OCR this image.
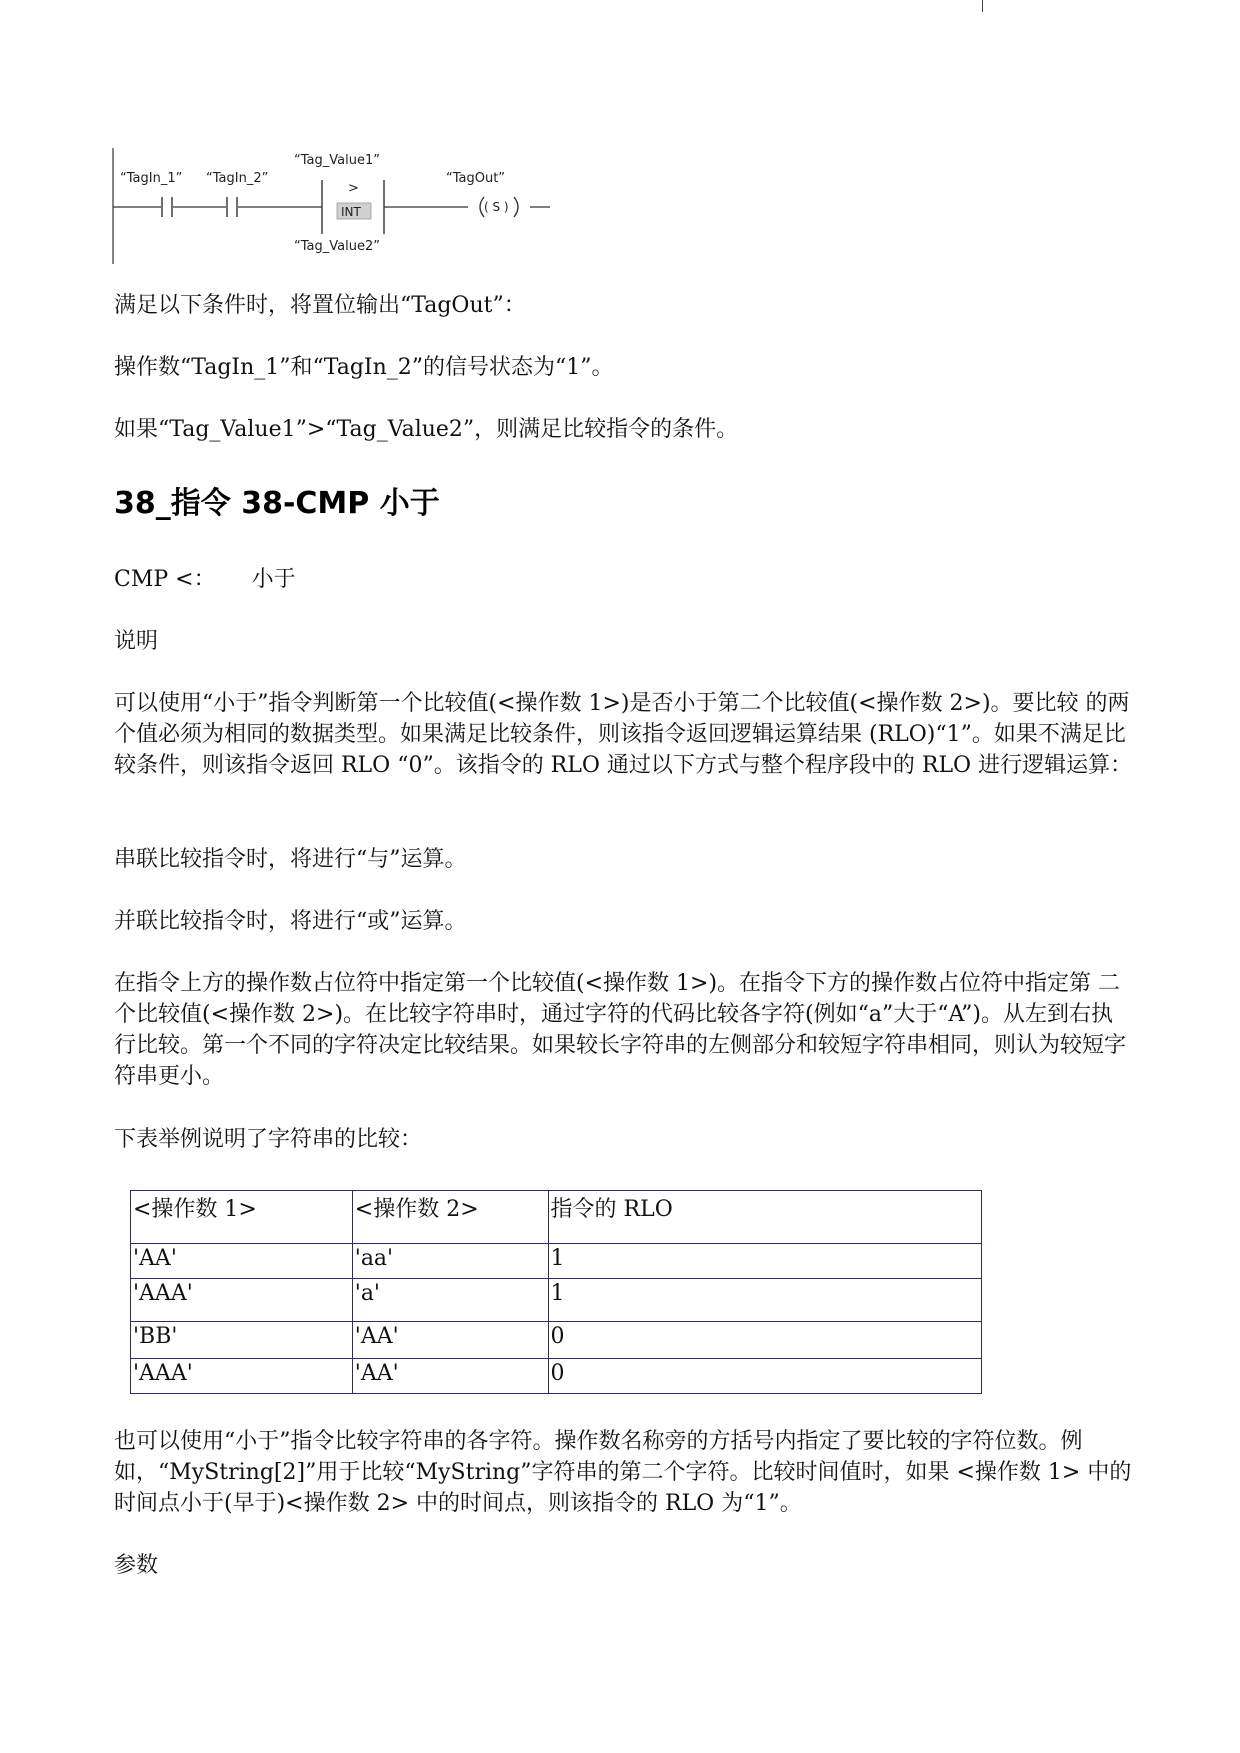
“TagIn_1” “TagIn_2”
“Tag_Value1”
>
INT
“Tag_Value2”
“TagOut”
( S )

满足以下条件时，将置位输出“TagOut”：

操作数“TagIn_1”和“TagIn_2”的信号状态为“1”。

如果“Tag_Value1”>“Tag_Value2”，则满足比较指令的条件。

38_指令 38-CMP 小于
CMP <： 小于

说明

可以使用“小于”指令判断第一个比较值(<操作数 1>)是否小于第二个比较值(<操作数 2>)。要比较 的两个值必须为相同的数据类型。如果满足比较条件，则该指令返回逻辑运算结果 (RLO)“1”。如果不满足比较条件，则该指令返回 RLO “0”。该指令的 RLO 通过以下方式与整个程序段中的 RLO 进行逻辑运算：

串联比较指令时，将进行“与”运算。

并联比较指令时，将进行“或”运算。

在指令上方的操作数占位符中指定第一个比较值(<操作数 1>)。在指令下方的操作数占位符中指定第 二个比较值(<操作数 2>)。在比较字符串时，通过字符的代码比较各字符(例如“a”大于“A”)。从左到右执行比较。第一个不同的字符决定比较结果。如果较长字符串的左侧部分和较短字符串相同，则认为较短字符串更小。

下表举例说明了字符串的比较：

<操作数 1>	<操作数 2>	指令的 RLO
'AA'	'aa'	1
'AAA'	'a'	1
'BB'	'AA'	0
'AAA'	'AA'	0

也可以使用“小于”指令比较字符串的各字符。操作数名称旁的方括号内指定了要比较的字符位数。例 如，“MyString[2]”用于比较“MyString”字符串的第二个字符。比较时间值时，如果 <操作数 1> 中的时间点小于(早于)<操作数 2> 中的时间点，则该指令的 RLO 为“1”。

参数
